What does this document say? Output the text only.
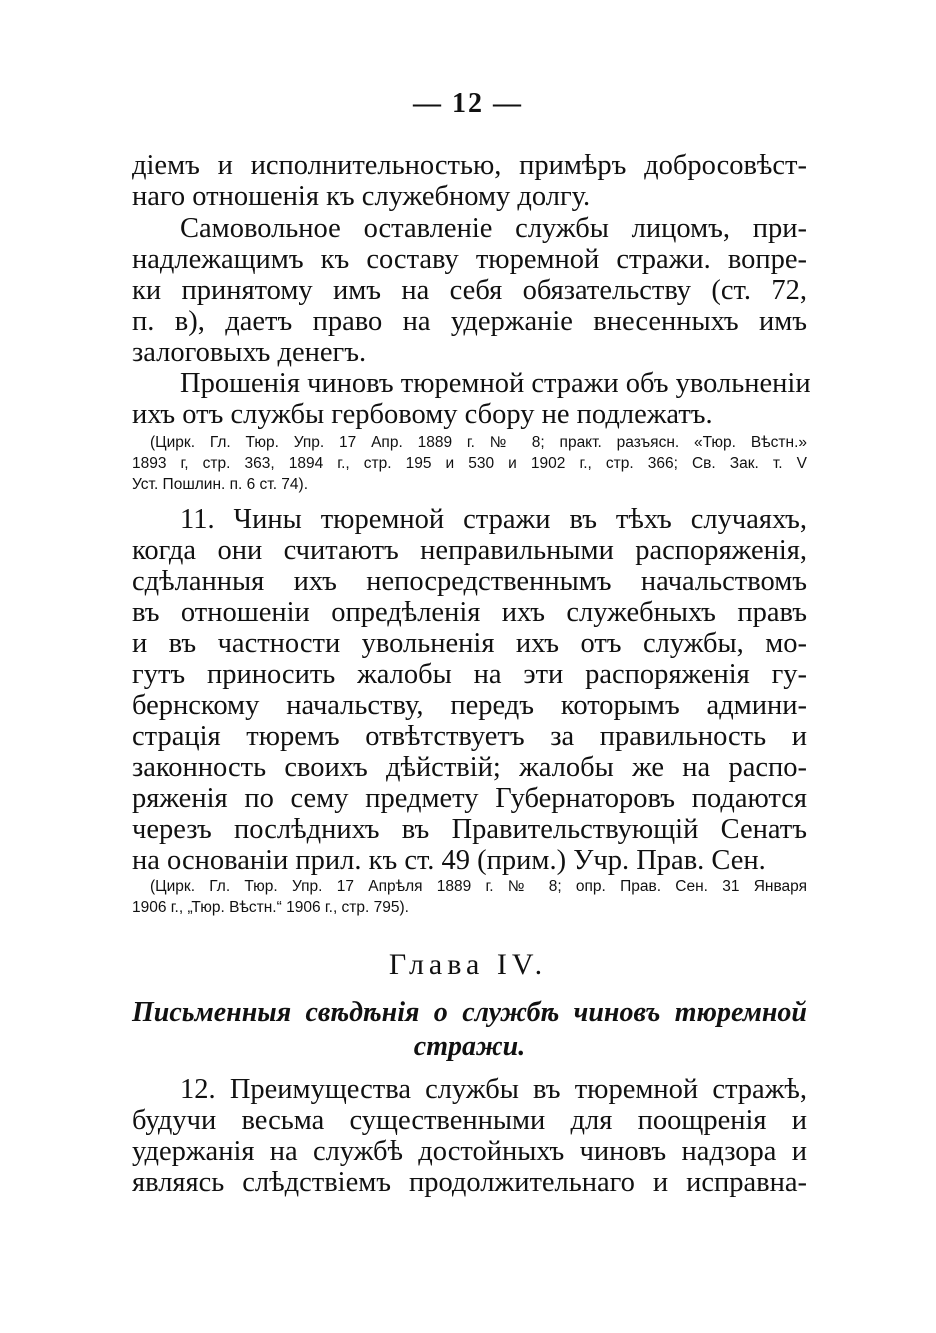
— 12 —
діемъ и исполнительностью, примѣръ добросовѣст-
наго отношенія къ служебному долгу.
Самовольное оставленіе службы лицомъ, при-
надлежащимъ къ составу тюремной стражи. вопре-
ки принятому имъ на себя обязательству (ст. 72,
п. в), даетъ право на удержаніе внесенныхъ имъ
залоговыхъ денегъ.
Прошенія чиновъ тюремной стражи объ увольненіи
ихъ отъ службы гербовому сбору не подлежатъ.
(Цирк. Гл. Тюр. Упр. 17 Апр. 1889 г. № 8; практ. разъясн. «Тюр. Вѣстн.»
1893 г, стр. 363, 1894 г., стр. 195 и 530 и 1902 г., стр. 366; Св. Зак. т. V
Уст. Пошлин. п. 6 ст. 74).
11. Чины тюремной стражи въ тѣхъ случаяхъ,
когда они считаютъ неправильными распоряженія,
сдѣланныя ихъ непосредственнымъ начальствомъ
въ отношеніи опредѣленія ихъ служебныхъ правъ
и въ частности увольненія ихъ отъ службы, мо-
гутъ приносить жалобы на эти распоряженія гу-
бернскому начальству, передъ которымъ админи-
страція тюремъ отвѣтствуетъ за правильность и
законность своихъ дѣйствій; жалобы же на распо-
ряженія по сему предмету Губернаторовъ подаются
черезъ послѣднихъ въ Правительствующій Сенатъ
на основаніи прил. къ ст. 49 (прим.) Учр. Прав. Сен.
(Цирк. Гл. Тюр. Упр. 17 Апрѣля 1889 г. № 8; опр. Прав. Сен. 31 Января
1906 г., „Тюр. Вѣстн.“ 1906 г., стр. 795).
Глава IV.
Письменныя свѣдѣнія о службѣ чиновъ тюремной
стражи.
12. Преимущества службы въ тюремной стражѣ,
будучи весьма существенными для поощренія и
удержанія на службѣ достойныхъ чиновъ надзора и
являясь слѣдствіемъ продолжительнаго и исправна-
